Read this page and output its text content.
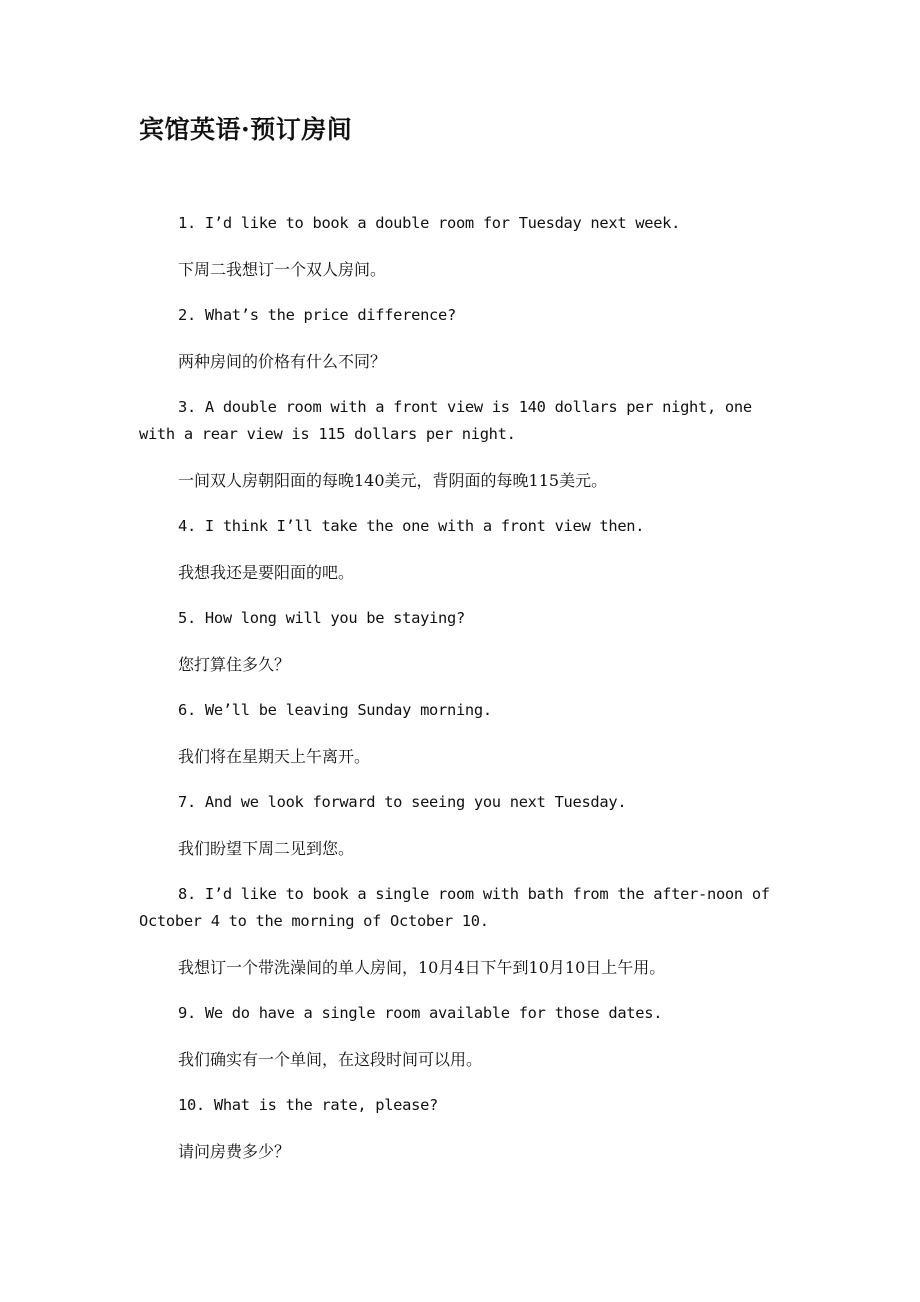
宾馆英语·预订房间

1. I’d like to book a double room for Tuesday next week.

下周二我想订一个双人房间。

2. What’s the price difference?

两种房间的价格有什么不同？

3. A double room with a front view is 140 dollars per night, one with a rear view is 115 dollars per night.

一间双人房朝阳面的每晚140美元，背阴面的每晚115美元。

4. I think I’ll take the one with a front view then.

我想我还是要阳面的吧。

5. How long will you be staying?

您打算住多久？

6. We’ll be leaving Sunday morning.

我们将在星期天上午离开。

7. And we look forward to seeing you next Tuesday.

我们盼望下周二见到您。

8. I’d like to book a single room with bath from the after-noon of October 4 to the morning of October 10.

我想订一个带洗澡间的单人房间，10月4日下午到10月10日上午用。

9. We do have a single room available for those dates.

我们确实有一个单间，在这段时间可以用。

10. What is the rate, please?

请问房费多少？
